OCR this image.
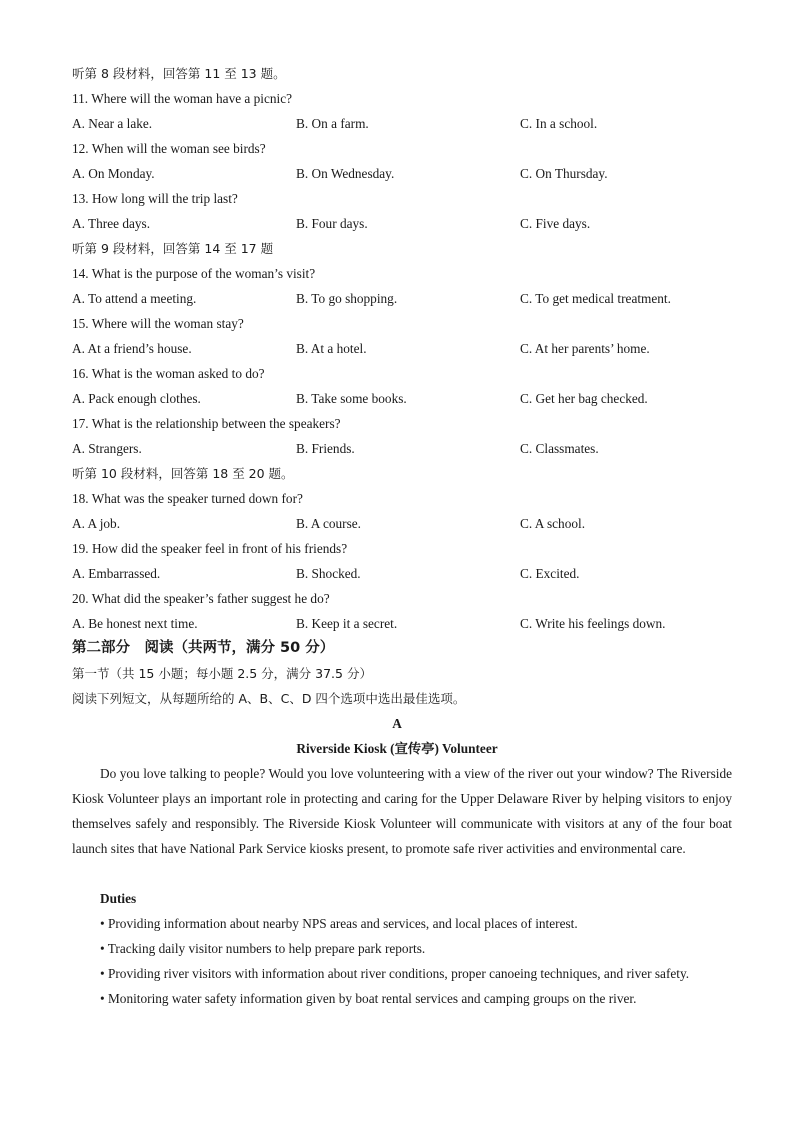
听第 8 段材料，回答第 11 至 13 题。
11. Where will the woman have a picnic?
A. Near a lake.	B. On a farm.	C. In a school.
12. When will the woman see birds?
A. On Monday.	B. On Wednesday.	C. On Thursday.
13. How long will the trip last?
A. Three days.	B. Four days.	C. Five days.
听第 9 段材料，回答第 14 至 17 题
14. What is the purpose of the woman’s visit?
A. To attend a meeting.	B. To go shopping.	C. To get medical treatment.
15. Where will the woman stay?
A. At a friend’s house.	B. At a hotel.	C. At her parents’ home.
16. What is the woman asked to do?
A. Pack enough clothes.	B. Take some books.	C. Get her bag checked.
17. What is the relationship between the speakers?
A. Strangers.	B. Friends.	C. Classmates.
听第 10 段材料，回答第 18 至 20 题。
18. What was the speaker turned down for?
A. A job.	B. A course.	C. A school.
19. How did the speaker feel in front of his friends?
A. Embarrassed.	B. Shocked.	C. Excited.
20. What did the speaker’s father suggest he do?
A. Be honest next time.	B. Keep it a secret.	C. Write his feelings down.
第二部分　阅读（共两节，满分 50 分）
第一节（共 15 小题；每小题 2.5 分，满分 37.5 分）
阅读下列短文，从每题所给的 A、B、C、D 四个选项中选出最佳选项。
A
Riverside Kiosk (宣传亭) Volunteer
Do you love talking to people? Would you love volunteering with a view of the river out your window? The Riverside Kiosk Volunteer plays an important role in protecting and caring for the Upper Delaware River by helping visitors to enjoy themselves safely and responsibly. The Riverside Kiosk Volunteer will communicate with visitors at any of the four boat launch sites that have National Park Service kiosks present, to promote safe river activities and environmental care.
Duties
• Providing information about nearby NPS areas and services, and local places of interest.
• Tracking daily visitor numbers to help prepare park reports.
• Providing river visitors with information about river conditions, proper canoeing techniques, and river safety.
• Monitoring water safety information given by boat rental services and camping groups on the river.
